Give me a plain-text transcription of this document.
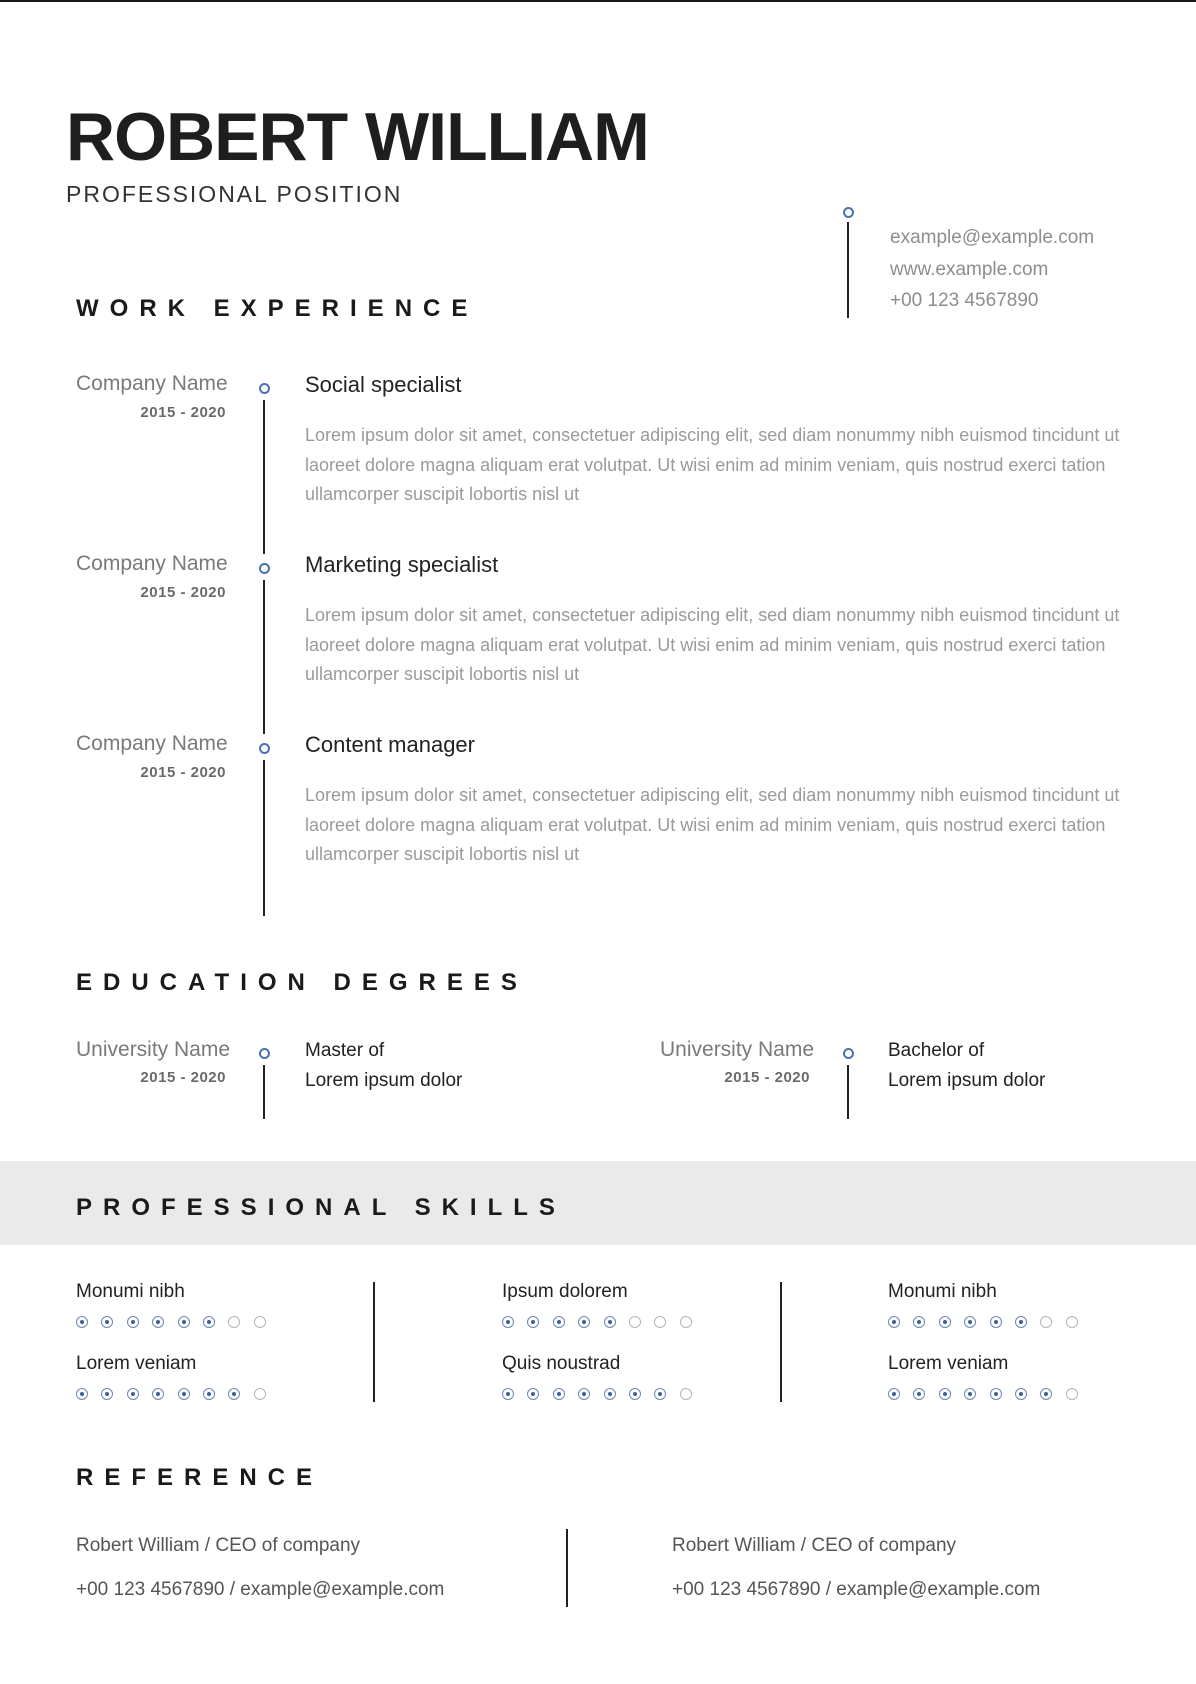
ROBERT WILLIAM
PROFESSIONAL POSITION
example@example.com
www.example.com
+00 123 4567890
WORK EXPERIENCE
Company Name
2015 - 2020
Social specialist
Lorem ipsum dolor sit amet, consectetuer adipiscing elit, sed diam nonummy nibh euismod tincidunt ut laoreet dolore magna aliquam erat volutpat. Ut wisi enim ad minim veniam, quis nostrud exerci tation ullamcorper suscipit lobortis nisl ut
Company Name
2015 - 2020
Marketing specialist
Lorem ipsum dolor sit amet, consectetuer adipiscing elit, sed diam nonummy nibh euismod tincidunt ut laoreet dolore magna aliquam erat volutpat. Ut wisi enim ad minim veniam, quis nostrud exerci tation ullamcorper suscipit lobortis nisl ut
Company Name
2015 - 2020
Content manager
Lorem ipsum dolor sit amet, consectetuer adipiscing elit, sed diam nonummy nibh euismod tincidunt ut laoreet dolore magna aliquam erat volutpat. Ut wisi enim ad minim veniam, quis nostrud exerci tation ullamcorper suscipit lobortis nisl ut
EDUCATION DEGREES
University Name
2015 - 2020
Master of
Lorem ipsum dolor
University Name
2015 - 2020
Bachelor of
Lorem ipsum dolor
PROFESSIONAL SKILLS
Monumi nibh
Lorem veniam
Ipsum dolorem
Quis noustrad
Monumi nibh
Lorem veniam
REFERENCE
Robert William / CEO of company
+00 123 4567890 / example@example.com
Robert William / CEO of company
+00 123 4567890 / example@example.com
